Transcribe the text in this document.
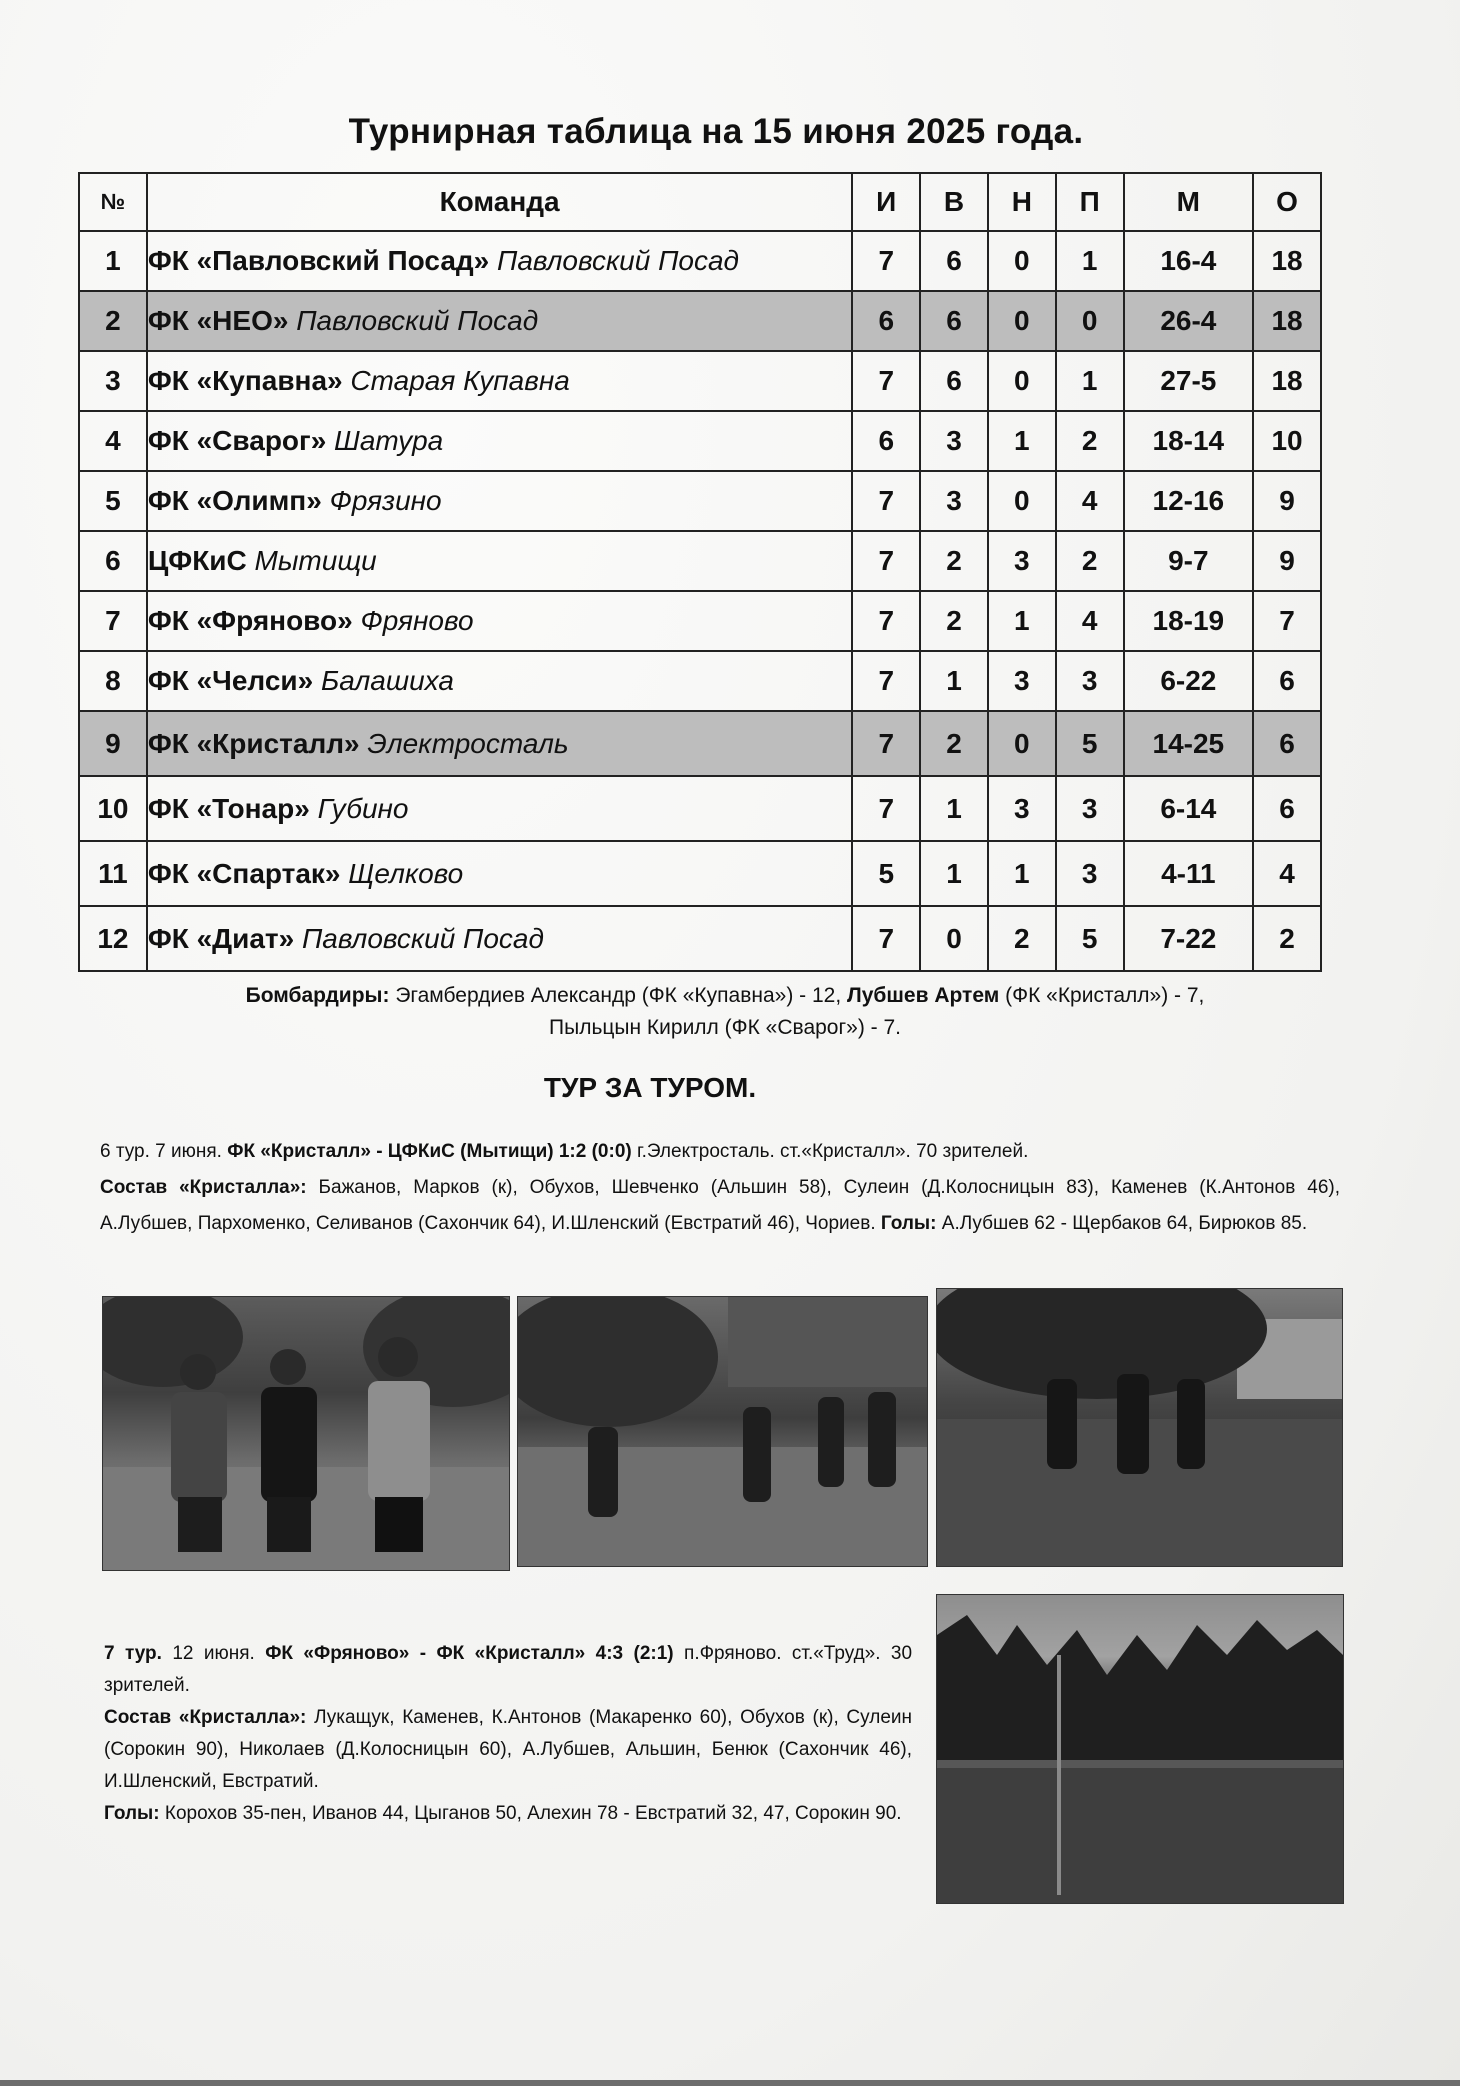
Турнирная таблица на 15 июня 2025 года.
№	Команда	И	В	Н	П	М	О
1	ФК «Павловский Посад» Павловский Посад	7	6	0	1	16-4	18
2	ФК «НЕО» Павловский Посад	6	6	0	0	26-4	18
3	ФК «Купавна» Старая Купавна	7	6	0	1	27-5	18
4	ФК «Сварог» Шатура	6	3	1	2	18-14	10
5	ФК «Олимп» Фрязино	7	3	0	4	12-16	9
6	ЦФКиС Мытищи	7	2	3	2	9-7	9
7	ФК «Фряново» Фряново	7	2	1	4	18-19	7
8	ФК «Челси» Балашиха	7	1	3	3	6-22	6
9	ФК «Кристалл» Электросталь	7	2	0	5	14-25	6
10	ФК «Тонар» Губино	7	1	3	3	6-14	6
11	ФК «Спартак» Щелково	5	1	1	3	4-11	4
12	ФК «Диат» Павловский Посад	7	0	2	5	7-22	2
Бомбардиры: Эгамбердиев Александр (ФК «Купавна») - 12, Лубшев Артем (ФК «Кристалл») - 7,
Пыльцын Кирилл (ФК «Сварог») - 7.
ТУР ЗА ТУРОМ.
6 тур. 7 июня. ФК «Кристалл» - ЦФКиС (Мытищи) 1:2 (0:0) г.Электросталь. ст.«Кристалл». 70 зрителей.
Состав «Кристалла»: Бажанов, Марков (к), Обухов, Шевченко (Альшин 58), Сулеин (Д.Колосницын 83), Каменев (К.Антонов 46), А.Лубшев, Пархоменко, Селиванов (Сахончик 64), И.Шленский (Евстратий 46), Чориев. Голы: А.Лубшев 62 - Щербаков 64, Бирюков 85.
7 тур. 12 июня. ФК «Фряново» - ФК «Кристалл» 4:3 (2:1) п.Фряново. ст.«Труд». 30 зрителей.
Состав «Кристалла»: Лукащук, Каменев, К.Антонов (Макаренко 60), Обухов (к), Сулеин (Сорокин 90), Николаев (Д.Колосницын 60), А.Лубшев, Альшин, Бенюк (Сахончик 46), И.Шленский, Евстратий.
Голы: Корохов 35-пен, Иванов 44, Цыганов 50, Алехин 78 - Евстратий 32, 47, Сорокин 90.
